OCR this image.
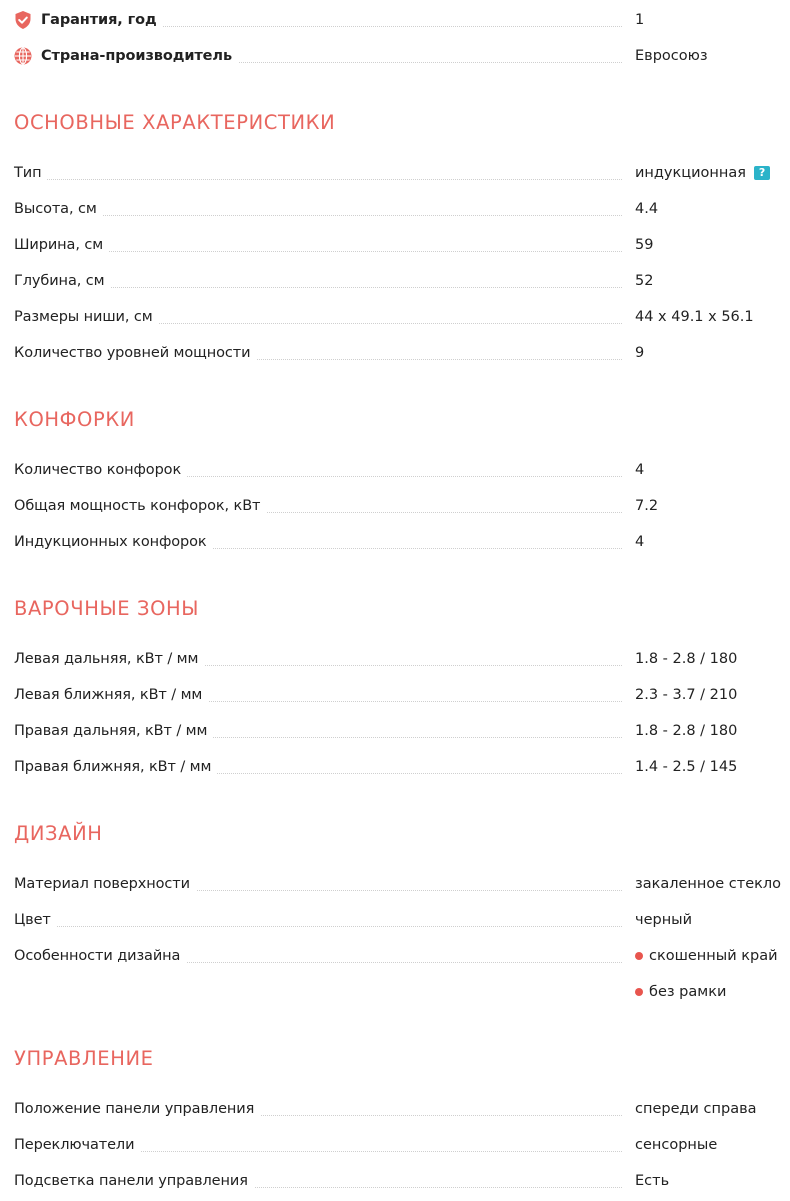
Гарантия, год	1
Страна-производитель	Евросоюз
ОСНОВНЫЕ ХАРАКТЕРИСТИКИ
Тип	индукционная	?
Высота, см	4.4
Ширина, см	59
Глубина, см	52
Размеры ниши, см	44 x 49.1 x 56.1
Количество уровней мощности	9
КОНФОРКИ
Количество конфорок	4
Общая мощность конфорок, кВт	7.2
Индукционных конфорок	4
ВАРОЧНЫЕ ЗОНЫ
Левая дальняя, кВт / мм	1.8 - 2.8 / 180
Левая ближняя, кВт / мм	2.3 - 3.7 / 210
Правая дальняя, кВт / мм	1.8 - 2.8 / 180
Правая ближняя, кВт / мм	1.4 - 2.5 / 145
ДИЗАЙН
Материал поверхности	закаленное стекло
Цвет	черный
Особенности дизайна	скошенный край
без рамки
УПРАВЛЕНИЕ
Положение панели управления	спереди справа
Переключатели	сенсорные
Подсветка панели управления	Есть
